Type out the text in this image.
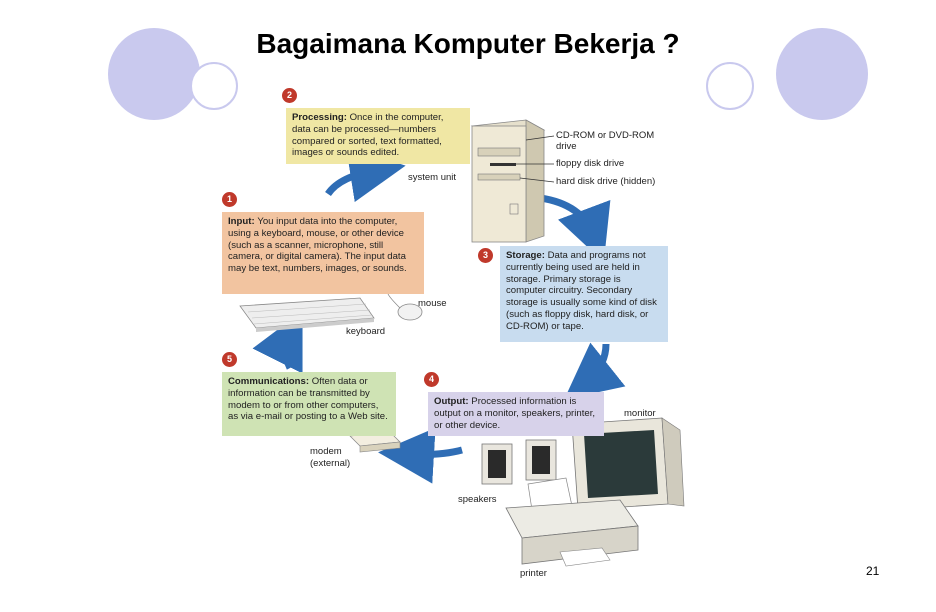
Bagaimana Komputer Bekerja ?
Processing: Once in the computer, data can be processed—numbers compared or sorted, text formatted, images or sounds edited.
Input: You input data into the computer, using a keyboard, mouse, or other device (such as a scanner, microphone, still camera, or digital camera). The input data may be text, numbers, images, or sounds.
Storage: Data and programs not currently being used are held in storage. Primary storage is computer circuitry. Secondary storage is usually some kind of disk (such as floppy disk, hard disk, or CD-ROM) or tape.
Communications: Often data or information can be transmitted by modem to or from other computers, as via e-mail or posting to a Web site.
Output: Processed information is output on a monitor, speakers, printer, or other device.
2
1
3
5
4
system unit
CD-ROM or DVD-ROM
drive
floppy disk drive
hard disk drive (hidden)
mouse
keyboard
monitor
modem
(external)
speakers
printer	21
